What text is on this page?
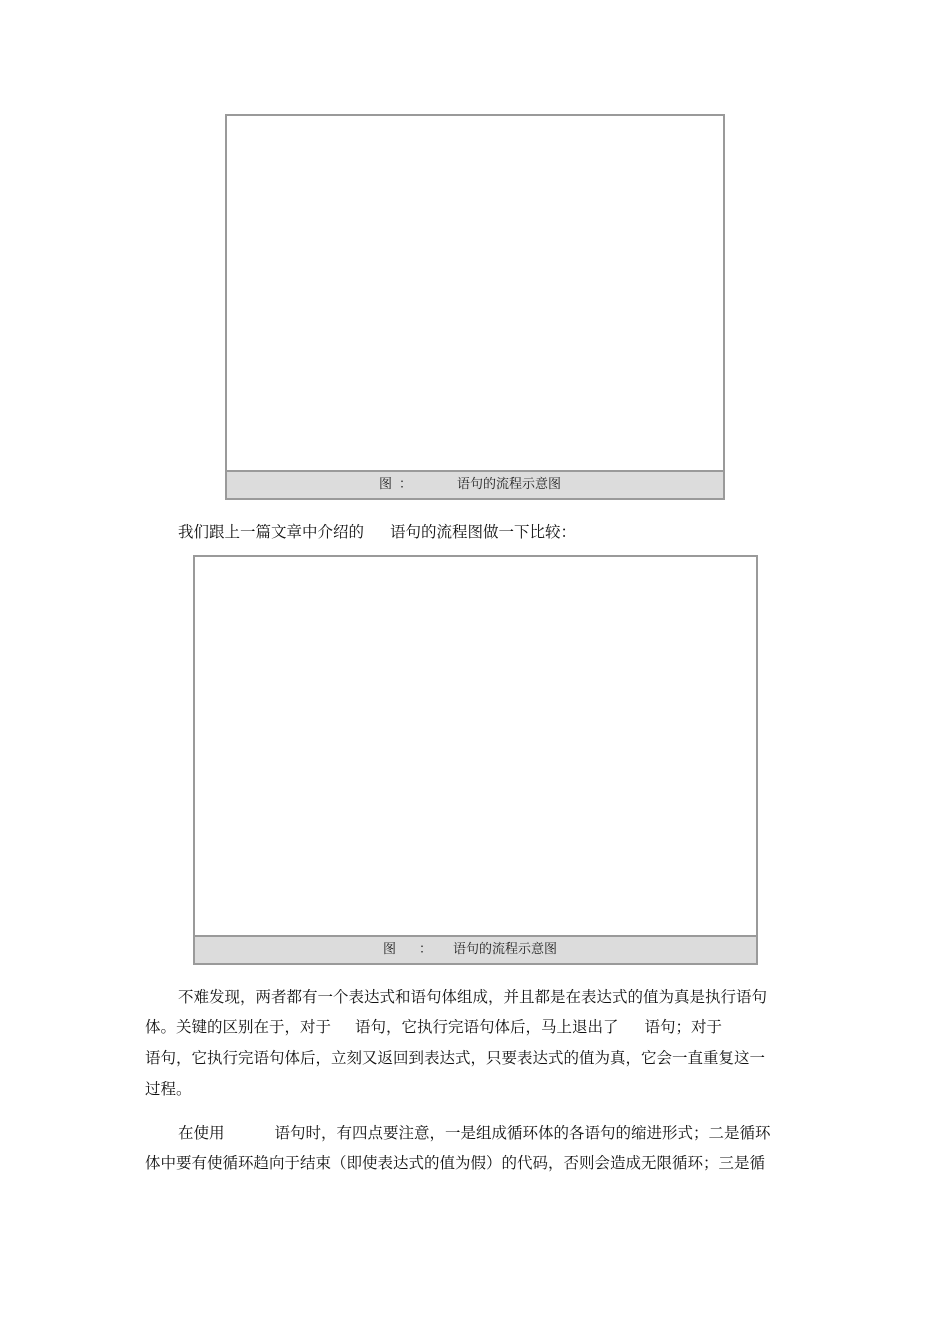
图 ：	语句的流程示意图
我们跟上一篇文章中介绍的 语句的流程图做一下比较：
图 ： 语句的流程示意图
不难发现，两者都有一个表达式和语句体组成，并且都是在表达式的值为真是执行语句
体。关键的区别在于，对于 语句，它执行完语句体后，马上退出了 语句；对于
语句，它执行完语句体后，立刻又返回到表达式，只要表达式的值为真，它会一直重复这一
过程。
在使用	语句时，有四点要注意，一是组成循环体的各语句的缩进形式；二是循环
体中要有使循环趋向于结束（即使表达式的值为假）的代码，否则会造成无限循环；三是循
